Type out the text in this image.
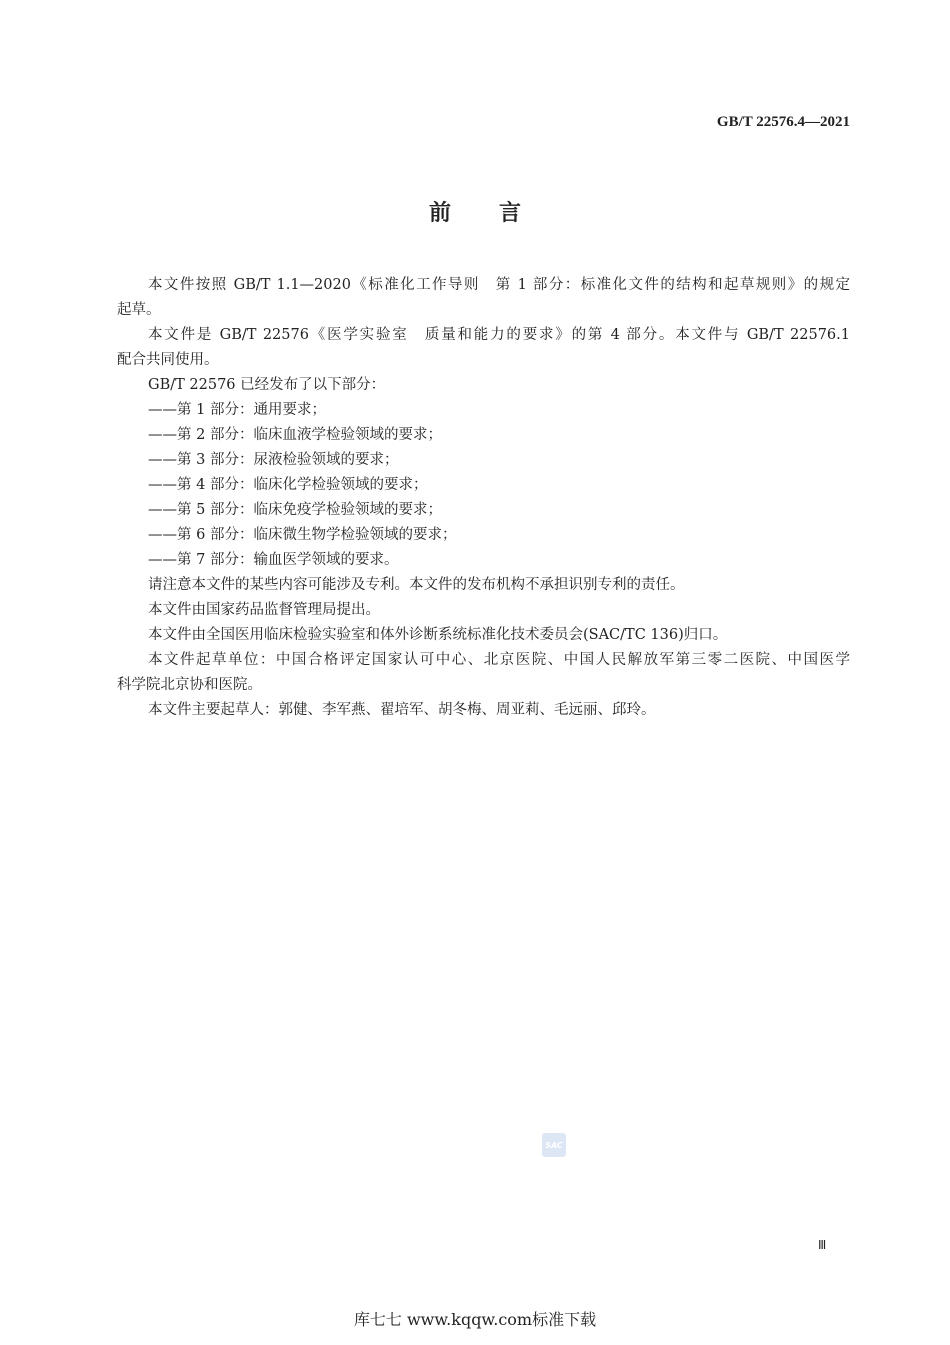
GB/T 22576.4—2021
前言
本文件按照 GB/T 1.1—2020《标准化工作导则　第 1 部分：标准化文件的结构和起草规则》的规定
起草。
本文件是 GB/T 22576《医学实验室　质量和能力的要求》的第 4 部分。本文件与 GB/T 22576.1
配合共同使用。
GB/T 22576 已经发布了以下部分：
——第 1 部分：通用要求；
——第 2 部分：临床血液学检验领域的要求；
——第 3 部分：尿液检验领域的要求；
——第 4 部分：临床化学检验领域的要求；
——第 5 部分：临床免疫学检验领域的要求；
——第 6 部分：临床微生物学检验领域的要求；
——第 7 部分：输血医学领域的要求。
请注意本文件的某些内容可能涉及专利。本文件的发布机构不承担识别专利的责任。
本文件由国家药品监督管理局提出。
本文件由全国医用临床检验实验室和体外诊断系统标准化技术委员会(SAC/TC 136)归口。
本文件起草单位：中国合格评定国家认可中心、北京医院、中国人民解放军第三零二医院、中国医学
科学院北京协和医院。
本文件主要起草人：郭健、李军燕、翟培军、胡冬梅、周亚莉、毛远丽、邱玲。
SAC
Ⅲ
库七七 www.kqqw.com标准下载
